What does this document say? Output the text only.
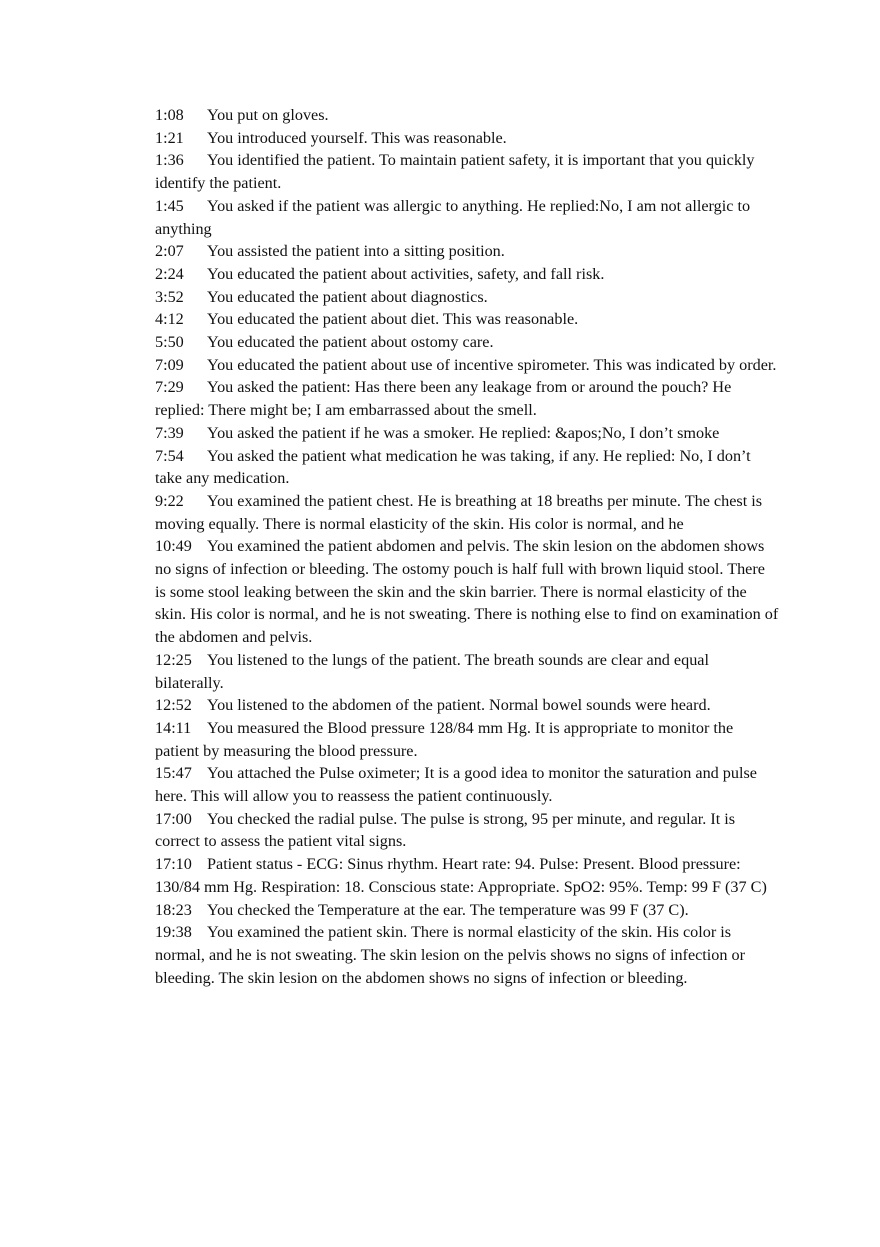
1:08 You put on gloves.

1:21 You introduced yourself. This was reasonable.

1:36 You identified the patient. To maintain patient safety, it is important that you quickly identify the patient.

1:45 You asked if the patient was allergic to anything. He replied:No, I am not allergic to anything

2:07 You assisted the patient into a sitting position.

2:24 You educated the patient about activities, safety, and fall risk.

3:52 You educated the patient about diagnostics.

4:12 You educated the patient about diet. This was reasonable.

5:50 You educated the patient about ostomy care.

7:09 You educated the patient about use of incentive spirometer. This was indicated by order.

7:29 You asked the patient: Has there been any leakage from or around the pouch? He replied: There might be; I am embarrassed about the smell.

7:39 You asked the patient if he was a smoker. He replied: &apos;No, I don’t smoke

7:54 You asked the patient what medication he was taking, if any. He replied: No, I don’t take any medication.

9:22 You examined the patient chest. He is breathing at 18 breaths per minute. The chest is moving equally. There is normal elasticity of the skin. His color is normal, and he

10:49 You examined the patient abdomen and pelvis. The skin lesion on the abdomen shows no signs of infection or bleeding. The ostomy pouch is half full with brown liquid stool. There is some stool leaking between the skin and the skin barrier. There is normal elasticity of the skin. His color is normal, and he is not sweating. There is nothing else to find on examination of the abdomen and pelvis.

12:25 You listened to the lungs of the patient. The breath sounds are clear and equal bilaterally.

12:52 You listened to the abdomen of the patient. Normal bowel sounds were heard.

14:11 You measured the Blood pressure 128/84 mm Hg. It is appropriate to monitor the patient by measuring the blood pressure.

15:47 You attached the Pulse oximeter; It is a good idea to monitor the saturation and pulse here. This will allow you to reassess the patient continuously.

17:00 You checked the radial pulse. The pulse is strong, 95 per minute, and regular. It is correct to assess the patient vital signs.

17:10 Patient status - ECG: Sinus rhythm. Heart rate: 94. Pulse: Present. Blood pressure: 130/84 mm Hg. Respiration: 18. Conscious state: Appropriate. SpO2: 95%. Temp: 99 F (37 C)

18:23 You checked the Temperature at the ear. The temperature was 99 F (37 C).

19:38 You examined the patient skin. There is normal elasticity of the skin. His color is normal, and he is not sweating. The skin lesion on the pelvis shows no signs of infection or bleeding. The skin lesion on the abdomen shows no signs of infection or bleeding.
